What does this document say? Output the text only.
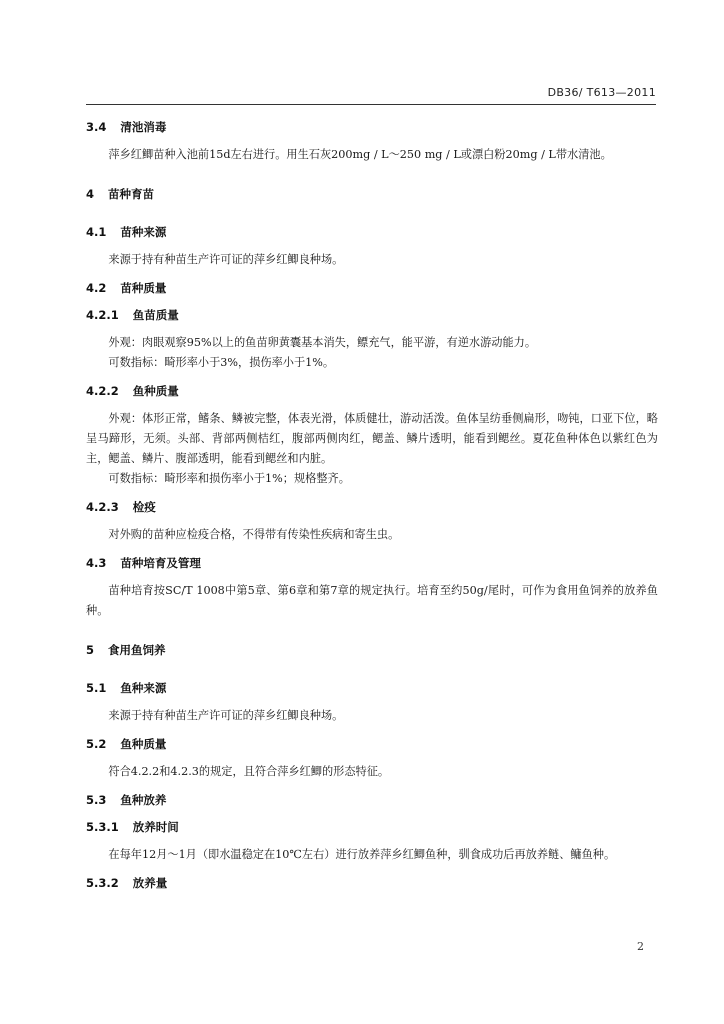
DB36/ T613—2011
3.4 清池消毒

萍乡红鲫苗种入池前15d左右进行。用生石灰200mg / L～250 mg / L或漂白粉20mg / L带水清池。

4 苗种育苗
4.1 苗种来源

来源于持有种苗生产许可证的萍乡红鲫良种场。

4.2 苗种质量
4.2.1 鱼苗质量

外观：肉眼观察95%以上的鱼苗卵黄囊基本消失，鳔充气，能平游，有逆水游动能力。

可数指标：畸形率小于3%，损伤率小于1%。

4.2.2 鱼种质量

外观：体形正常，鳍条、鳞被完整，体表光滑，体质健壮，游动活泼。鱼体呈纺垂侧扁形，吻钝，口亚下位，略呈马蹄形，无须。头部、背部两侧桔红，腹部两侧肉红，鳃盖、鳞片透明，能看到鳃丝。夏花鱼种体色以紫红色为主，鳃盖、鳞片、腹部透明，能看到鳃丝和内脏。

可数指标：畸形率和损伤率小于1%；规格整齐。

4.2.3 检疫

对外购的苗种应检疫合格，不得带有传染性疾病和寄生虫。

4.3 苗种培育及管理

苗种培育按SC/T 1008中第5章、第6章和第7章的规定执行。培育至约50g/尾时，可作为食用鱼饲养的放养鱼种。

5 食用鱼饲养
5.1 鱼种来源

来源于持有种苗生产许可证的萍乡红鲫良种场。

5.2 鱼种质量

符合4.2.2和4.2.3的规定，且符合萍乡红鲫的形态特征。

5.3 鱼种放养
5.3.1 放养时间

在每年12月～1月（即水温稳定在10℃左右）进行放养萍乡红鲫鱼种，驯食成功后再放养鲢、鳙鱼种。

5.3.2 放养量
2
